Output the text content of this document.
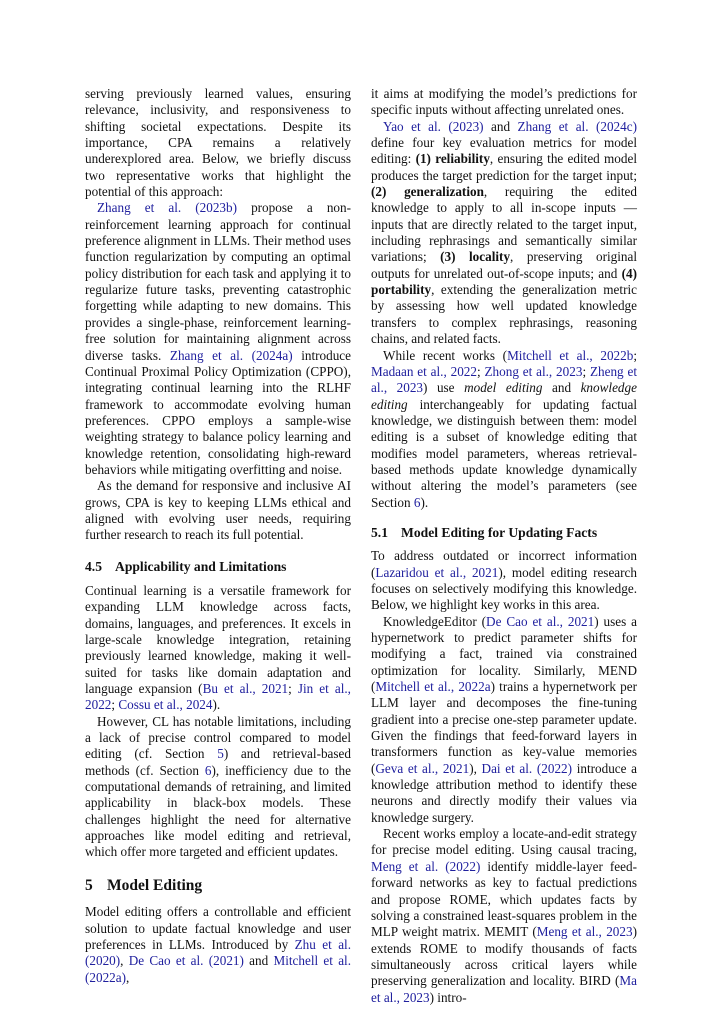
serving previously learned values, ensuring relevance, inclusivity, and responsiveness to shifting societal expectations. Despite its importance, CPA remains a relatively underexplored area. Below, we briefly discuss two representative works that highlight the potential of this approach:

Zhang et al. (2023b) propose a non-reinforcement learning approach for continual preference alignment in LLMs. Their method uses function regularization by computing an optimal policy distribution for each task and applying it to regularize future tasks, preventing catastrophic forgetting while adapting to new domains. This provides a single-phase, reinforcement learning-free solution for maintaining alignment across diverse tasks. Zhang et al. (2024a) introduce Continual Proximal Policy Optimization (CPPO), integrating continual learning into the RLHF framework to accommodate evolving human preferences. CPPO employs a sample-wise weighting strategy to balance policy learning and knowledge retention, consolidating high-reward behaviors while mitigating overfitting and noise.

As the demand for responsive and inclusive AI grows, CPA is key to keeping LLMs ethical and aligned with evolving user needs, requiring further research to reach its full potential.

4.5 Applicability and Limitations

Continual learning is a versatile framework for expanding LLM knowledge across facts, domains, languages, and preferences. It excels in large-scale knowledge integration, retaining previously learned knowledge, making it well-suited for tasks like domain adaptation and language expansion (Bu et al., 2021; Jin et al., 2022; Cossu et al., 2024).

However, CL has notable limitations, including a lack of precise control compared to model editing (cf. Section 5) and retrieval-based methods (cf. Section 6), inefficiency due to the computational demands of retraining, and limited applicability in black-box models. These challenges highlight the need for alternative approaches like model editing and retrieval, which offer more targeted and efficient updates.

5 Model Editing

Model editing offers a controllable and efficient solution to update factual knowledge and user preferences in LLMs. Introduced by Zhu et al. (2020), De Cao et al. (2021) and Mitchell et al. (2022a),

it aims at modifying the model’s predictions for specific inputs without affecting unrelated ones.

Yao et al. (2023) and Zhang et al. (2024c) define four key evaluation metrics for model editing: (1) reliability, ensuring the edited model produces the target prediction for the target input; (2) generalization, requiring the edited knowledge to apply to all in-scope inputs — inputs that are directly related to the target input, including rephrasings and semantically similar variations; (3) locality, preserving original outputs for unrelated out-of-scope inputs; and (4) portability, extending the generalization metric by assessing how well updated knowledge transfers to complex rephrasings, reasoning chains, and related facts.

While recent works (Mitchell et al., 2022b; Madaan et al., 2022; Zhong et al., 2023; Zheng et al., 2023) use model editing and knowledge editing interchangeably for updating factual knowledge, we distinguish between them: model editing is a subset of knowledge editing that modifies model parameters, whereas retrieval-based methods update knowledge dynamically without altering the model’s parameters (see Section 6).

5.1 Model Editing for Updating Facts

To address outdated or incorrect information (Lazaridou et al., 2021), model editing research focuses on selectively modifying this knowledge. Below, we highlight key works in this area.

KnowledgeEditor (De Cao et al., 2021) uses a hypernetwork to predict parameter shifts for modifying a fact, trained via constrained optimization for locality. Similarly, MEND (Mitchell et al., 2022a) trains a hypernetwork per LLM layer and decomposes the fine-tuning gradient into a precise one-step parameter update. Given the findings that feed-forward layers in transformers function as key-value memories (Geva et al., 2021), Dai et al. (2022) introduce a knowledge attribution method to identify these neurons and directly modify their values via knowledge surgery.

Recent works employ a locate-and-edit strategy for precise model editing. Using causal tracing, Meng et al. (2022) identify middle-layer feed-forward networks as key to factual predictions and propose ROME, which updates facts by solving a constrained least-squares problem in the MLP weight matrix. MEMIT (Meng et al., 2023) extends ROME to modify thousands of facts simultaneously across critical layers while preserving generalization and locality. BIRD (Ma et al., 2023) intro-
